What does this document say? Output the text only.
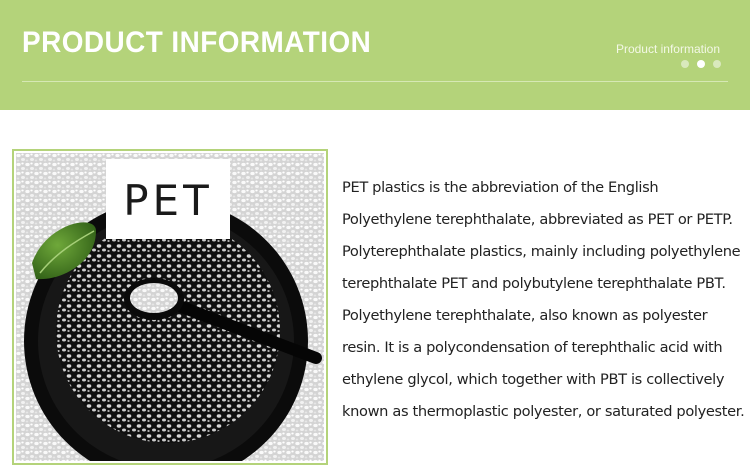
PRODUCT INFORMATION	Product information
PET	PET plastics is the abbreviation of the English
Polyethylene terephthalate, abbreviated as PET or PETP.
Polyterephthalate plastics, mainly including polyethylene
terephthalate PET and polybutylene terephthalate PBT.
Polyethylene terephthalate, also known as polyester
resin. It is a polycondensation of terephthalic acid with
ethylene glycol, which together with PBT is collectively
known as thermoplastic polyester, or saturated polyester.
